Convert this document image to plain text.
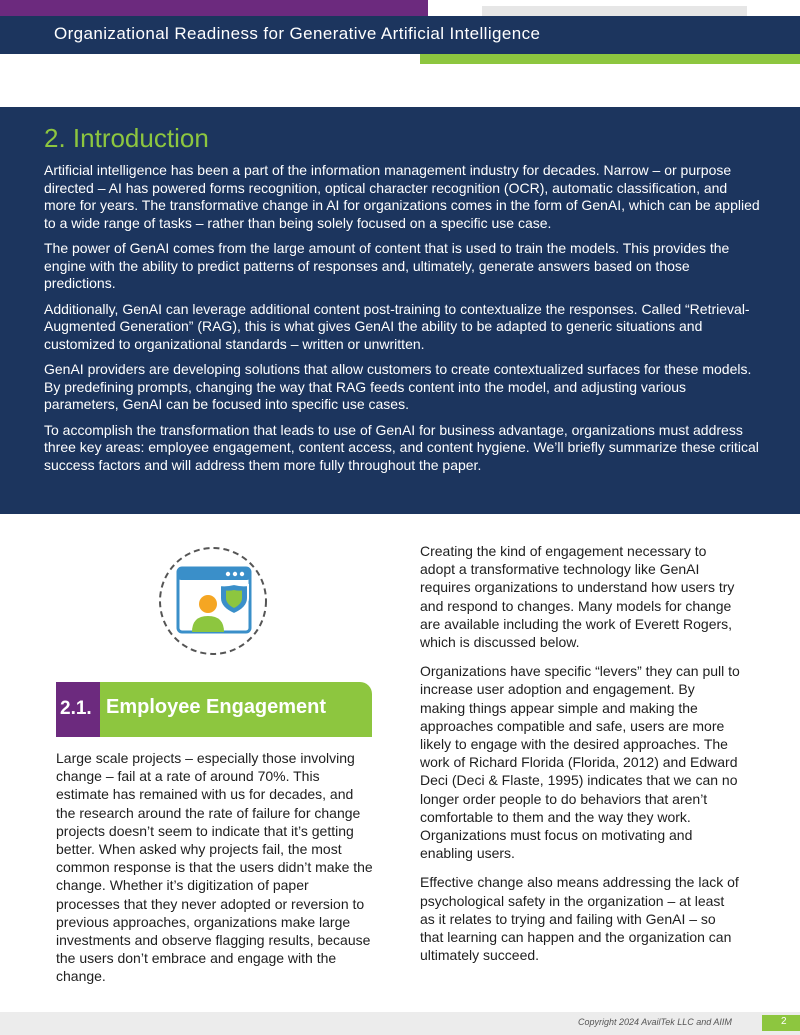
Organizational Readiness for Generative Artificial Intelligence
2. Introduction

Artificial intelligence has been a part of the information management industry for decades. Narrow – or purpose directed – AI has powered forms recognition, optical character recognition (OCR), automatic classification, and more for years. The transformative change in AI for organizations comes in the form of GenAI, which can be applied to a wide range of tasks – rather than being solely focused on a specific use case.

The power of GenAI comes from the large amount of content that is used to train the models. This provides the engine with the ability to predict patterns of responses and, ultimately, generate answers based on those predictions.

Additionally, GenAI can leverage additional content post-training to contextualize the responses. Called “Retrieval-Augmented Generation” (RAG), this is what gives GenAI the ability to be adapted to generic situations and customized to organizational standards – written or unwritten.

GenAI providers are developing solutions that allow customers to create contextualized surfaces for these models. By predefining prompts, changing the way that RAG feeds content into the model, and adjusting various parameters, GenAI can be focused into specific use cases.

To accomplish the transformation that leads to use of GenAI for business advantage, organizations must address three key areas: employee engagement, content access, and content hygiene. We’ll briefly summarize these critical success factors and will address them more fully throughout the paper.

2.1. Employee Engagement

Large scale projects – especially those involving change – fail at a rate of around 70%. This estimate has remained with us for decades, and the research around the rate of failure for change projects doesn’t seem to indicate that it’s getting better. When asked why projects fail, the most common response is that the users didn’t make the change. Whether it’s digitization of paper processes that they never adopted or reversion to previous approaches, organizations make large investments and observe flagging results, because the users don’t embrace and engage with the change.

Creating the kind of engagement necessary to adopt a transformative technology like GenAI requires organizations to understand how users try and respond to changes. Many models for change are available including the work of Everett Rogers, which is discussed below.

Organizations have specific “levers” they can pull to increase user adoption and engagement. By making things appear simple and making the approaches compatible and safe, users are more likely to engage with the desired approaches. The work of Richard Florida (Florida, 2012) and Edward Deci (Deci & Flaste, 1995) indicates that we can no longer order people to do behaviors that aren’t comfortable to them and the way they work. Organizations must focus on motivating and enabling users.

Effective change also means addressing the lack of psychological safety in the organization – at least as it relates to trying and failing with GenAI – so that learning can happen and the organization can ultimately succeed.

Copyright 2024 AvailTek LLC and AIIM	2
